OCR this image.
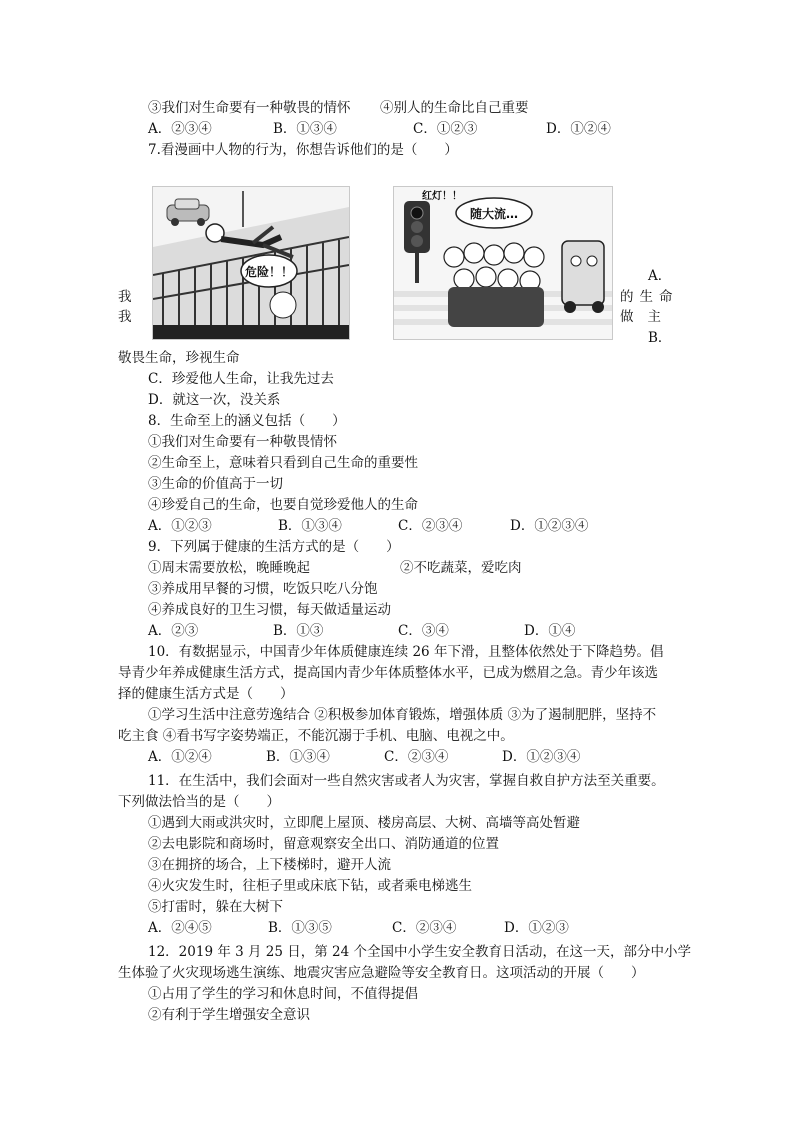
③我们对生命要有一种敬畏的情怀 ④别人的生命比自己重要
A．②③④	B．①③④	C．①②③	D．①②④
7.看漫画中人物的行为，你想告诉他们的是（　　）
危险！！
红灯！！
随大流…
我
我
A．
的生命
做主
B．
敬畏生命，珍视生命
C．珍爱他人生命，让我先过去
D．就这一次，没关系
8．生命至上的涵义包括（　　）
①我们对生命要有一种敬畏情怀
②生命至上，意味着只看到自己生命的重要性
③生命的价值高于一切
④珍爱自己的生命，也要自觉珍爱他人的生命
A．①②③	B．①③④	C．②③④	D．①②③④
9．下列属于健康的生活方式的是（　　）
①周末需要放松，晚睡晚起	②不吃蔬菜，爱吃肉
③养成用早餐的习惯，吃饭只吃八分饱
④养成良好的卫生习惯，每天做适量运动
A．②③	B．①③	C．③④	D．①④
10．有数据显示，中国青少年体质健康连续 26 年下滑，且整体依然处于下降趋势。倡
导青少年养成健康生活方式，提高国内青少年体质整体水平，已成为燃眉之急。青少年该选
择的健康生活方式是（　　）
①学习生活中注意劳逸结合 ②积极参加体育锻炼，增强体质 ③为了遏制肥胖，坚持不
吃主食 ④看书写字姿势端正，不能沉溺于手机、电脑、电视之中。
A．①②④	B．①③④	C．②③④	D．①②③④
11．在生活中，我们会面对一些自然灾害或者人为灾害，掌握自救自护方法至关重要。
下列做法恰当的是（　　）
①遇到大雨或洪灾时，立即爬上屋顶、楼房高层、大树、高墙等高处暂避
②去电影院和商场时，留意观察安全出口、消防通道的位置
③在拥挤的场合，上下楼梯时，避开人流
④火灾发生时，往柜子里或床底下钻，或者乘电梯逃生
⑤打雷时，躲在大树下
A．②④⑤	B．①③⑤	C．②③④	D．①②③
12．2019 年 3 月 25 日，第 24 个全国中小学生安全教育日活动，在这一天，部分中小学
生体验了火灾现场逃生演练、地震灾害应急避险等安全教育日。这项活动的开展（　　）
①占用了学生的学习和休息时间，不值得提倡
②有利于学生增强安全意识
